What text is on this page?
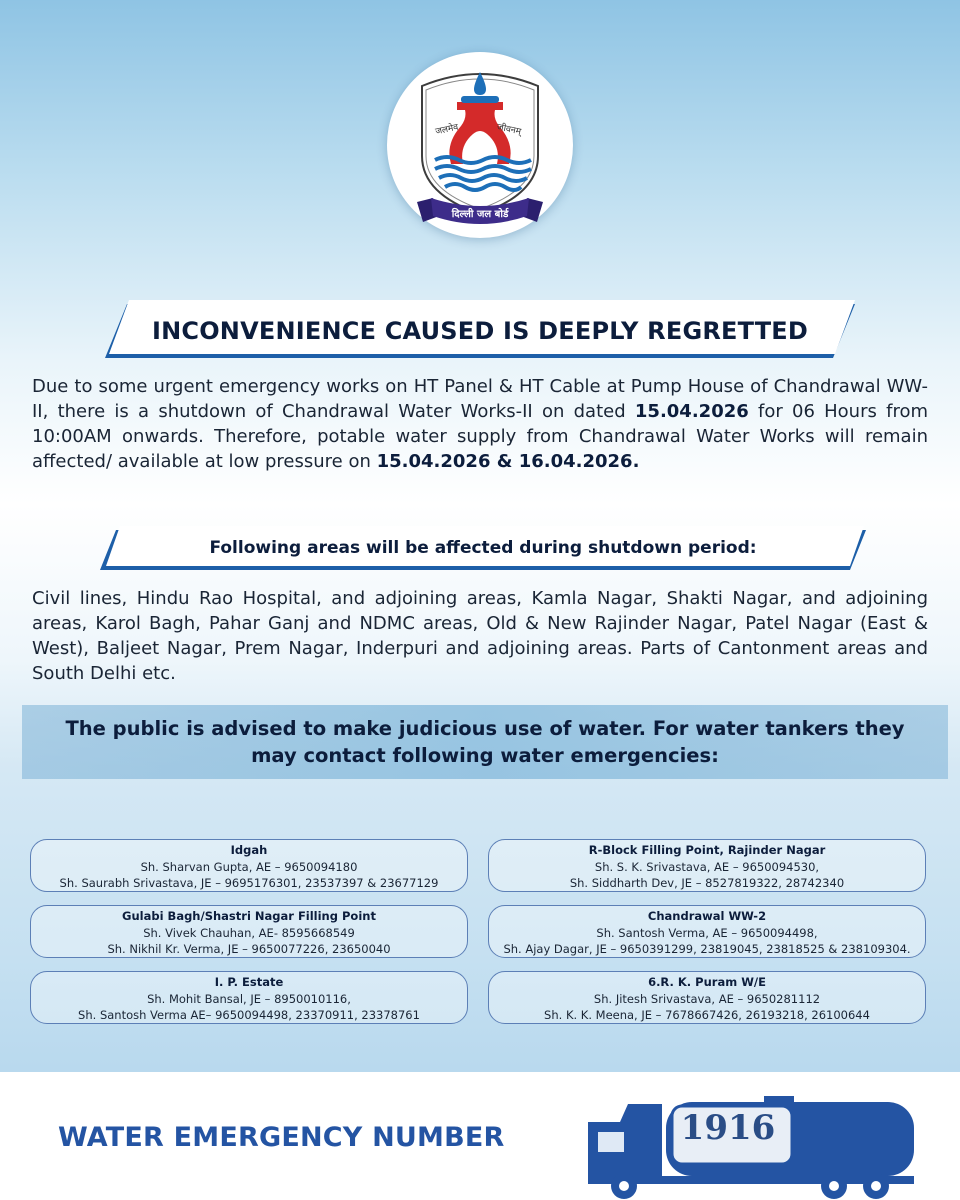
जलमेव	जीवनम्
दिल्ली जल बोर्ड
INCONVENIENCE CAUSED IS DEEPLY REGRETTED
Due to some urgent emergency works on HT Panel & HT Cable at Pump House of Chandrawal WW-II, there is a shutdown of Chandrawal Water Works-II on dated 15.04.2026 for 06 Hours from 10:00AM onwards. Therefore, potable water supply from Chandrawal Water Works will remain affected/ available at low pressure on 15.04.2026 & 16.04.2026.
Following areas will be affected during shutdown period:
Civil lines, Hindu Rao Hospital, and adjoining areas, Kamla Nagar, Shakti Nagar, and adjoining areas, Karol Bagh, Pahar Ganj and NDMC areas, Old & New Rajinder Nagar, Patel Nagar (East & West), Baljeet Nagar, Prem Nagar, Inderpuri and adjoining areas. Parts of Cantonment areas and South Delhi etc.
The public is advised to make judicious use of water. For water tankers they
may contact following water emergencies:
Idgah
Sh. Sharvan Gupta, AE – 9650094180
Sh. Saurabh Srivastava, JE – 9695176301, 23537397 & 23677129
R-Block Filling Point, Rajinder Nagar
Sh. S. K. Srivastava, AE – 9650094530,
Sh. Siddharth Dev, JE – 8527819322, 28742340
Gulabi Bagh/Shastri Nagar Filling Point
Sh. Vivek Chauhan, AE- 8595668549
Sh. Nikhil Kr. Verma, JE – 9650077226, 23650040
Chandrawal WW-2
Sh. Santosh Verma, AE – 9650094498,
Sh. Ajay Dagar, JE – 9650391299, 23819045, 23818525 & 238109304.
I. P. Estate
Sh. Mohit Bansal, JE – 8950010116,
Sh. Santosh Verma AE– 9650094498, 23370911, 23378761
6.R. K. Puram W/E
Sh. Jitesh Srivastava, AE – 9650281112
Sh. K. K. Meena, JE – 7678667426, 26193218, 26100644
WATER EMERGENCY NUMBER	1916
